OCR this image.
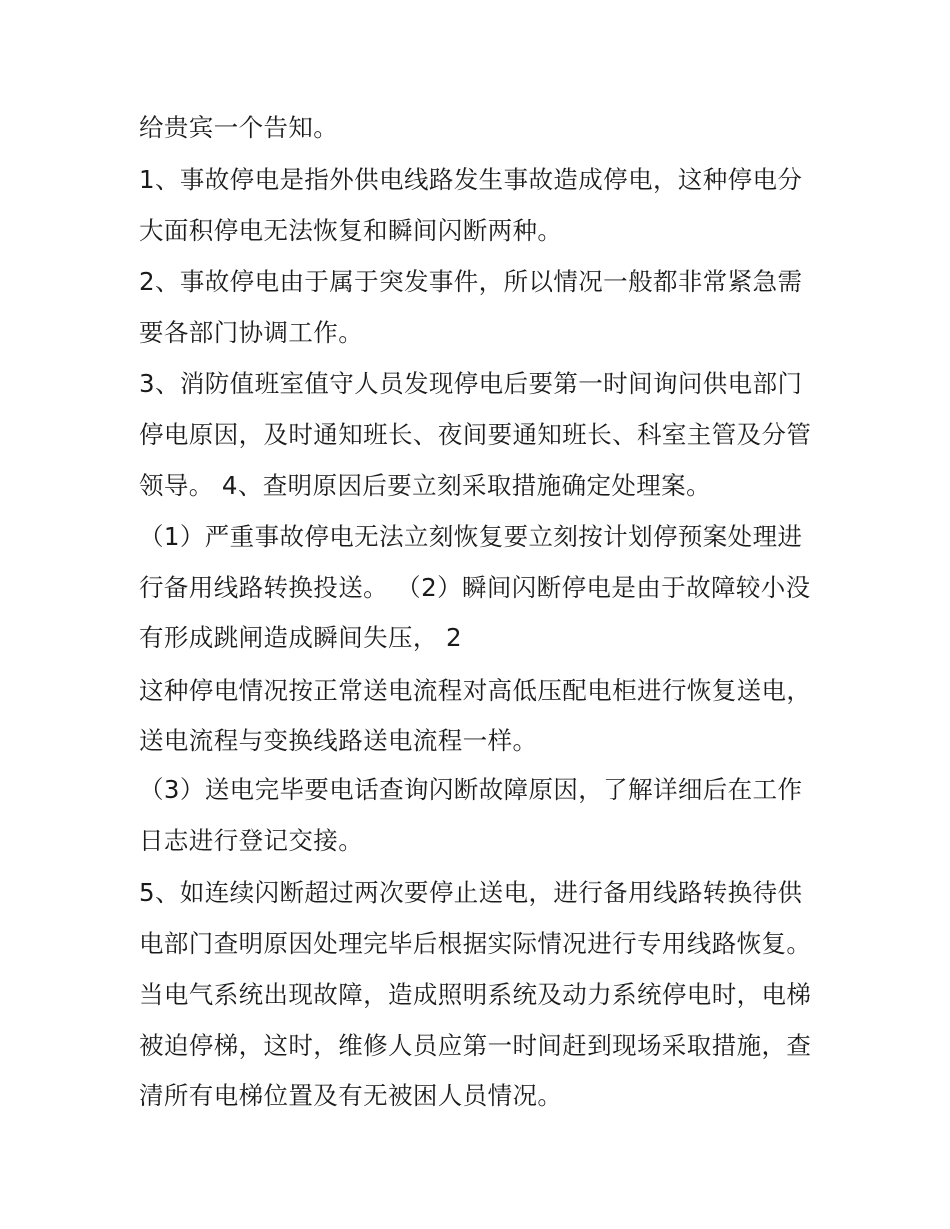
给贵宾一个告知。
1、事故停电是指外供电线路发生事故造成停电，这种停电分
大面积停电无法恢复和瞬间闪断两种。
2、事故停电由于属于突发事件，所以情况一般都非常紧急需
要各部门协调工作。
3、消防值班室值守人员发现停电后要第一时间询问供电部门
停电原因，及时通知班长、夜间要通知班长、科室主管及分管
领导。 4、查明原因后要立刻采取措施确定处理案。
（1）严重事故停电无法立刻恢复要立刻按计划停预案处理进
行备用线路转换投送。 （2）瞬间闪断停电是由于故障较小没
有形成跳闸造成瞬间失压， 2
这种停电情况按正常送电流程对高低压配电柜进行恢复送电，
送电流程与变换线路送电流程一样。
（3）送电完毕要电话查询闪断故障原因，了解详细后在工作
日志进行登记交接。
5、如连续闪断超过两次要停止送电，进行备用线路转换待供
电部门查明原因处理完毕后根据实际情况进行专用线路恢复。
当电气系统出现故障，造成照明系统及动力系统停电时，电梯
被迫停梯，这时，维修人员应第一时间赶到现场采取措施，查
清所有电梯位置及有无被困人员情况。
